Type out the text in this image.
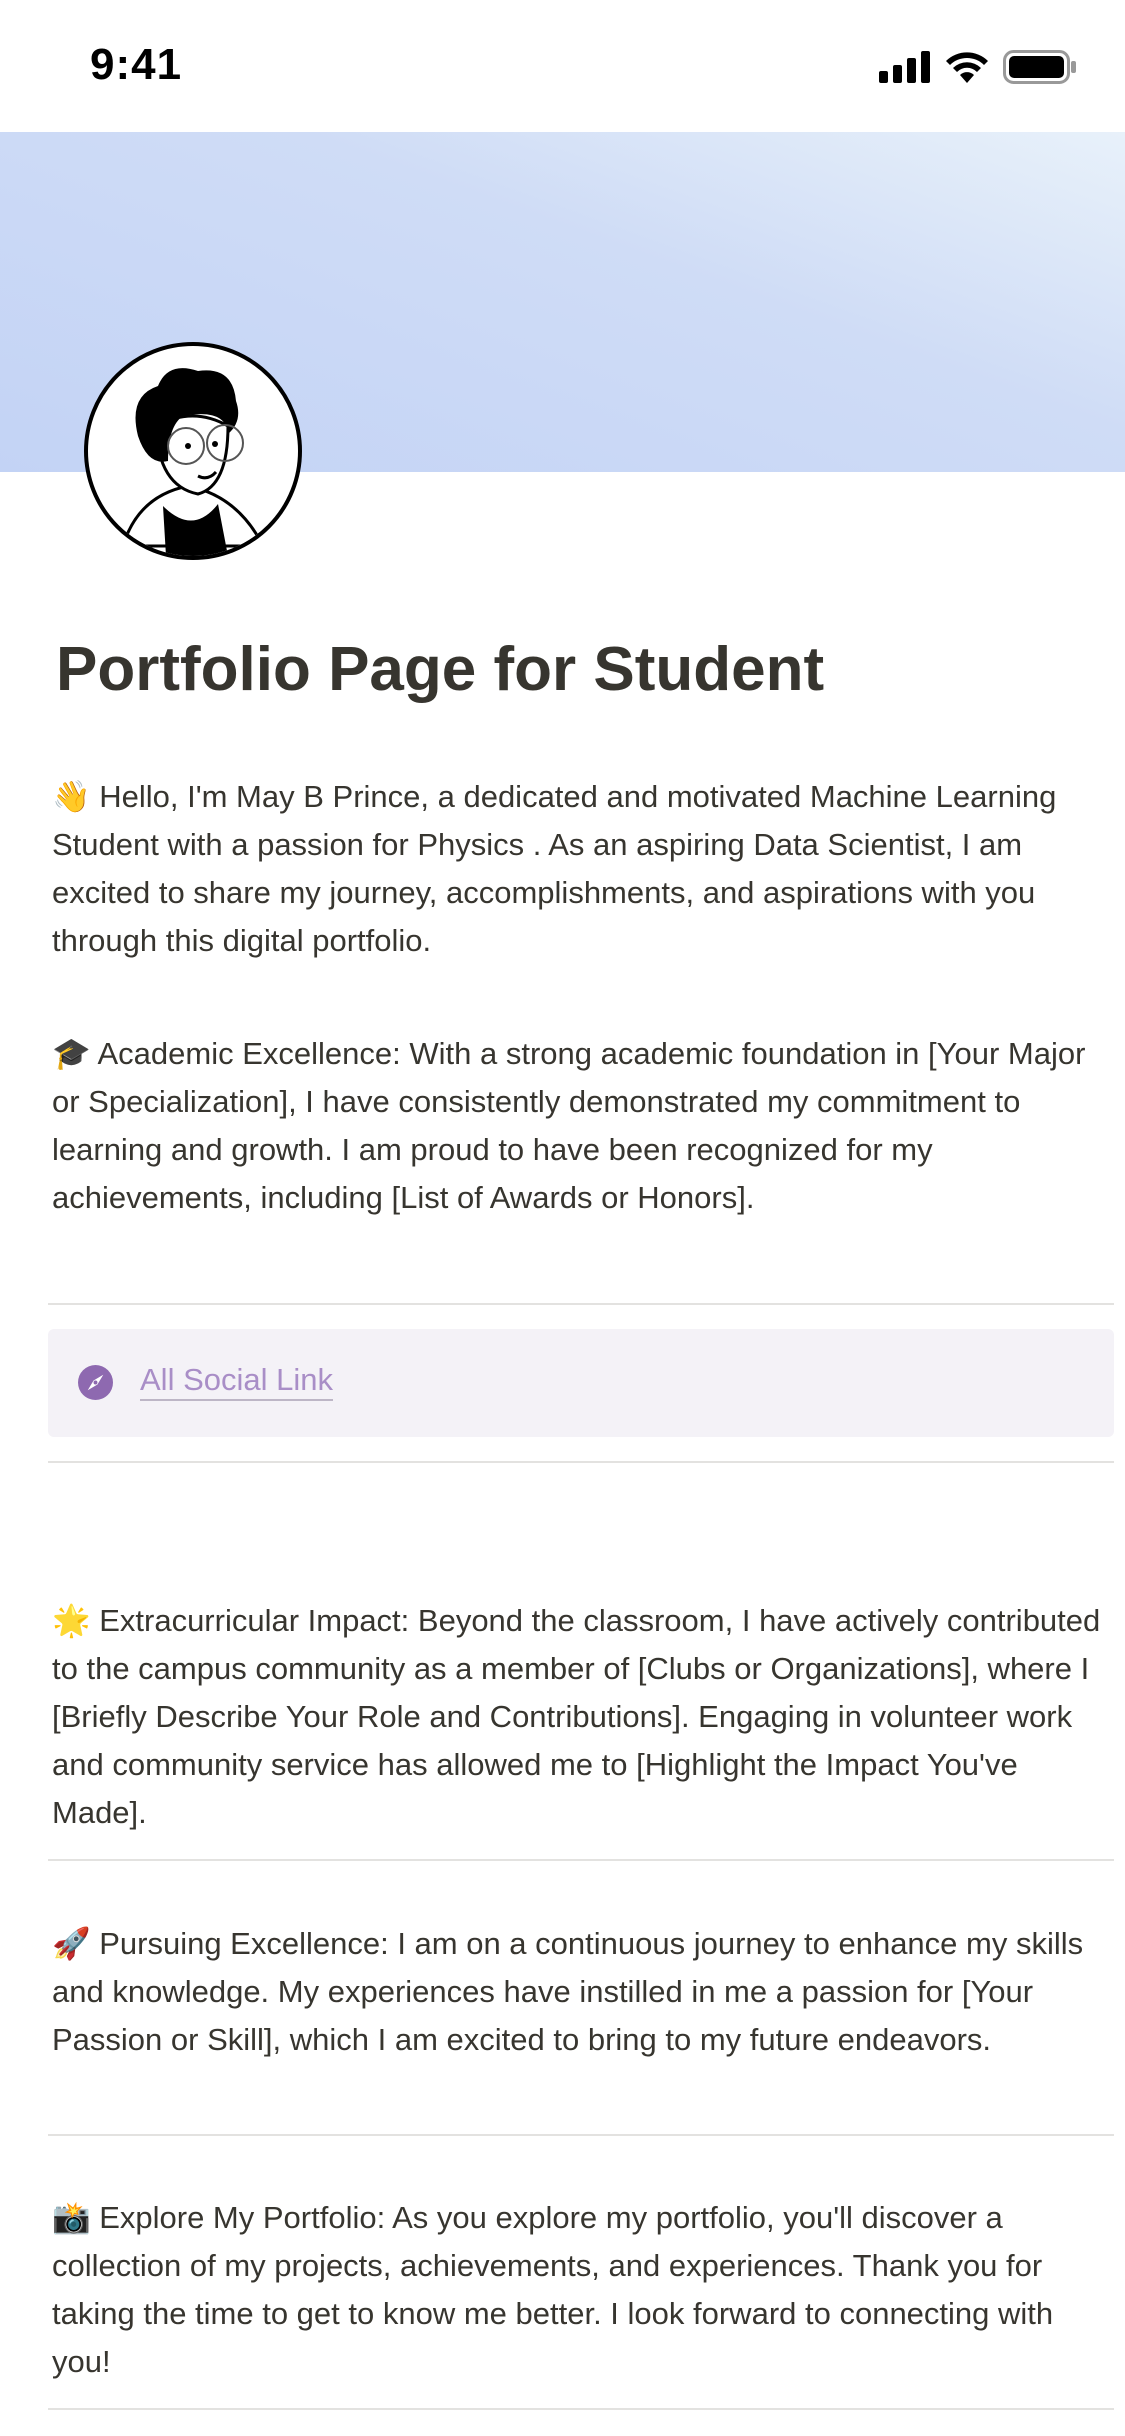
9:41
Portfolio Page for Student
👋 Hello, I'm May B Prince, a dedicated and motivated Machine Learning Student with a passion for Physics . As an aspiring Data Scientist, I am excited to share my journey, accomplishments, and aspirations with you through this digital portfolio.
🎓 Academic Excellence: With a strong academic foundation in [Your Major or Specialization], I have consistently demonstrated my commitment to learning and growth. I am proud to have been recognized for my achievements, including [List of Awards or Honors].
All Social Link
🌟 Extracurricular Impact: Beyond the classroom, I have actively contributed to the campus community as a member of [Clubs or Organizations], where I [Briefly Describe Your Role and Contributions]. Engaging in volunteer work and community service has allowed me to [Highlight the Impact You've Made].
🚀 Pursuing Excellence: I am on a continuous journey to enhance my skills and knowledge. My experiences have instilled in me a passion for [Your Passion or Skill], which I am excited to bring to my future endeavors.
📸 Explore My Portfolio: As you explore my portfolio, you'll discover a collection of my projects, achievements, and experiences. Thank you for taking the time to get to know me better. I look forward to connecting with you!
